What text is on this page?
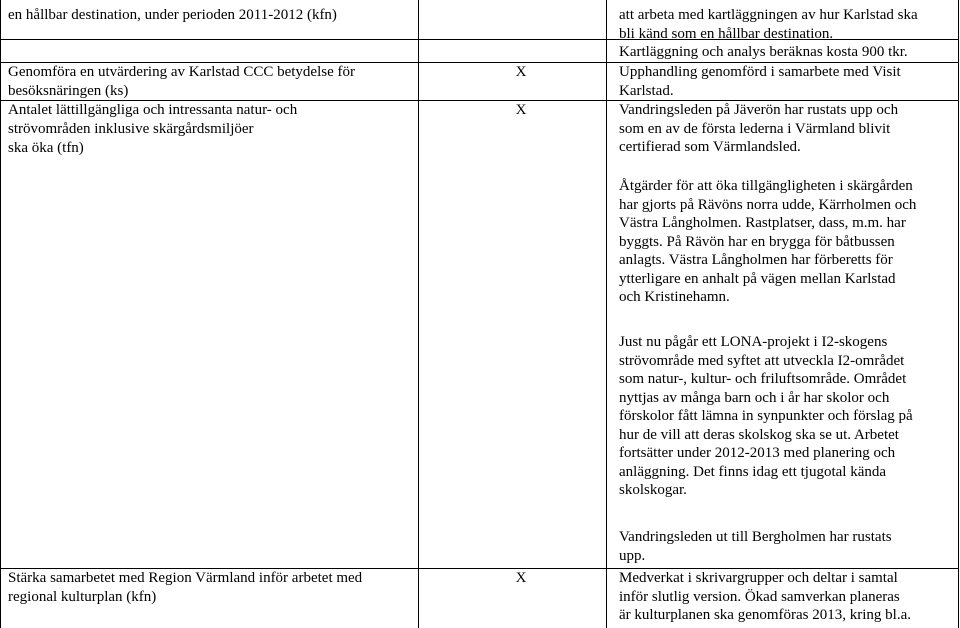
en hållbar destination, under perioden 2011-2012 (kfn)
Genomföra en utvärdering av Karlstad CCC betydelse för
besöksnäringen (ks)
Antalet lättillgängliga och intressanta natur- och
strövområden inklusive skärgårdsmiljöer
ska öka (tfn)
Stärka samarbetet med Region Värmland inför arbetet med
regional kulturplan (kfn)
X
X
X
att arbeta med kartläggningen av hur Karlstad ska
bli känd som en hållbar destination.
Kartläggning och analys beräknas kosta 900 tkr.
Upphandling genomförd i samarbete med Visit
Karlstad.
Vandringsleden på Jäverön har rustats upp och
som en av de första lederna i Värmland blivit
certifierad som Värmlandsled.
Åtgärder för att öka tillgängligheten i skärgården
har gjorts på Rävöns norra udde, Kärrholmen och
Västra Långholmen. Rastplatser, dass, m.m. har
byggts. På Rävön har en brygga för båtbussen
anlagts. Västra Långholmen har förberetts för
ytterligare en anhalt på vägen mellan Karlstad
och Kristinehamn.
Just nu pågår ett LONA-projekt i I2-skogens
strövområde med syftet att utveckla I2-området
som natur-, kultur- och friluftsområde. Området
nyttjas av många barn och i år har skolor och
förskolor fått lämna in synpunkter och förslag på
hur de vill att deras skolskog ska se ut. Arbetet
fortsätter under 2012-2013 med planering och
anläggning. Det finns idag ett tjugotal kända
skolskogar.
Vandringsleden ut till Bergholmen har rustats
upp.
Medverkat i skrivargrupper och deltar i samtal
inför slutlig version. Ökad samverkan planeras
är kulturplanen ska genomföras 2013, kring bl.a.
